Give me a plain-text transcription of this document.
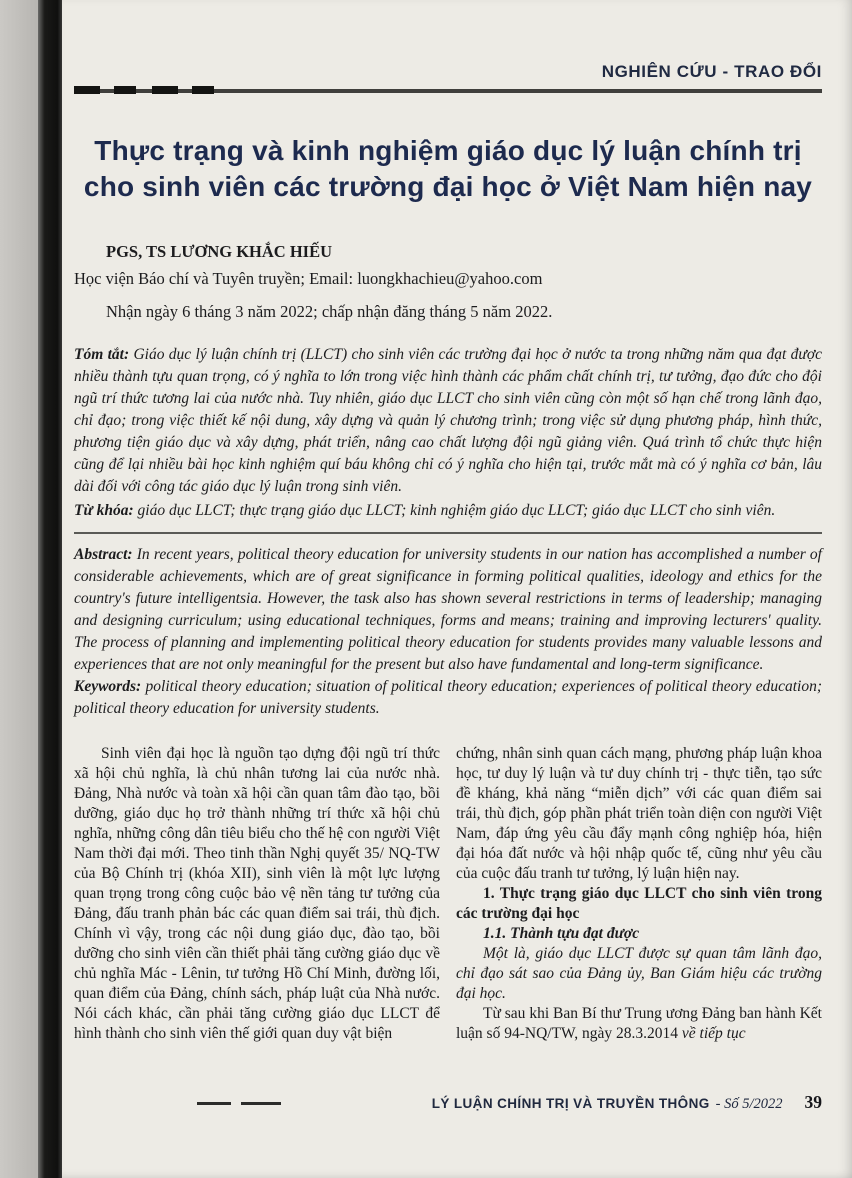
NGHIÊN CỨU - TRAO ĐỔI
Thực trạng và kinh nghiệm giáo dục lý luận chính trị
cho sinh viên các trường đại học ở Việt Nam hiện nay
PGS, TS LƯƠNG KHẮC HIẾU
Học viện Báo chí và Tuyên truyền; Email: luongkhachieu@yahoo.com
Nhận ngày 6 tháng 3 năm 2022; chấp nhận đăng tháng 5 năm 2022.

Tóm tắt: Giáo dục lý luận chính trị (LLCT) cho sinh viên các trường đại học ở nước ta trong những năm qua đạt được nhiều thành tựu quan trọng, có ý nghĩa to lớn trong việc hình thành các phẩm chất chính trị, tư tưởng, đạo đức cho đội ngũ trí thức tương lai của nước nhà. Tuy nhiên, giáo dục LLCT cho sinh viên cũng còn một số hạn chế trong lãnh đạo, chỉ đạo; trong việc thiết kế nội dung, xây dựng và quản lý chương trình; trong việc sử dụng phương pháp, hình thức, phương tiện giáo dục và xây dựng, phát triển, nâng cao chất lượng đội ngũ giảng viên. Quá trình tổ chức thực hiện cũng để lại nhiều bài học kinh nghiệm quí báu không chỉ có ý nghĩa cho hiện tại, trước mắt mà có ý nghĩa cơ bản, lâu dài đối với công tác giáo dục lý luận trong sinh viên.

Từ khóa: giáo dục LLCT; thực trạng giáo dục LLCT; kinh nghiệm giáo dục LLCT; giáo dục LLCT cho sinh viên.

Abstract: In recent years, political theory education for university students in our nation has accomplished a number of considerable achievements, which are of great significance in forming political qualities, ideology and ethics for the country's future intelligentsia. However, the task also has shown several restrictions in terms of leadership; managing and designing curriculum; using educational techniques, forms and means; training and improving lecturers' quality. The process of planning and implementing political theory education for students provides many valuable lessons and experiences that are not only meaningful for the present but also have fundamental and long-term significance.

Keywords: political theory education; situation of political theory education; experiences of political theory education; political theory education for university students.

Sinh viên đại học là nguồn tạo dựng đội ngũ trí thức xã hội chủ nghĩa, là chủ nhân tương lai của nước nhà. Đảng, Nhà nước và toàn xã hội cần quan tâm đào tạo, bồi dưỡng, giáo dục họ trở thành những trí thức xã hội chủ nghĩa, những công dân tiêu biểu cho thế hệ con người Việt Nam thời đại mới. Theo tinh thần Nghị quyết 35/ NQ-TW của Bộ Chính trị (khóa XII), sinh viên là một lực lượng quan trọng trong công cuộc bảo vệ nền tảng tư tưởng của Đảng, đấu tranh phản bác các quan điểm sai trái, thù địch. Chính vì vậy, trong các nội dung giáo dục, đào tạo, bồi dưỡng cho sinh viên cần thiết phải tăng cường giáo dục về chủ nghĩa Mác - Lênin, tư tưởng Hồ Chí Minh, đường lối, quan điểm của Đảng, chính sách, pháp luật của Nhà nước. Nói cách khác, cần phải tăng cường giáo dục LLCT để hình thành cho sinh viên thế giới quan duy vật biện

chứng, nhân sinh quan cách mạng, phương pháp luận khoa học, tư duy lý luận và tư duy chính trị - thực tiễn, tạo sức đề kháng, khả năng “miễn dịch” với các quan điểm sai trái, thù địch, góp phần phát triển toàn diện con người Việt Nam, đáp ứng yêu cầu đẩy mạnh công nghiệp hóa, hiện đại hóa đất nước và hội nhập quốc tế, cũng như yêu cầu của cuộc đấu tranh tư tưởng, lý luận hiện nay.

1. Thực trạng giáo dục LLCT cho sinh viên trong các trường đại học

1.1. Thành tựu đạt được

Một là, giáo dục LLCT được sự quan tâm lãnh đạo, chỉ đạo sát sao của Đảng ủy, Ban Giám hiệu các trường đại học.

Từ sau khi Ban Bí thư Trung ương Đảng ban hành Kết luận số 94-NQ/TW, ngày 28.3.2014 về tiếp tục

LÝ LUẬN CHÍNH TRỊ VÀ TRUYỀN THÔNG - Số 5/2022 39
